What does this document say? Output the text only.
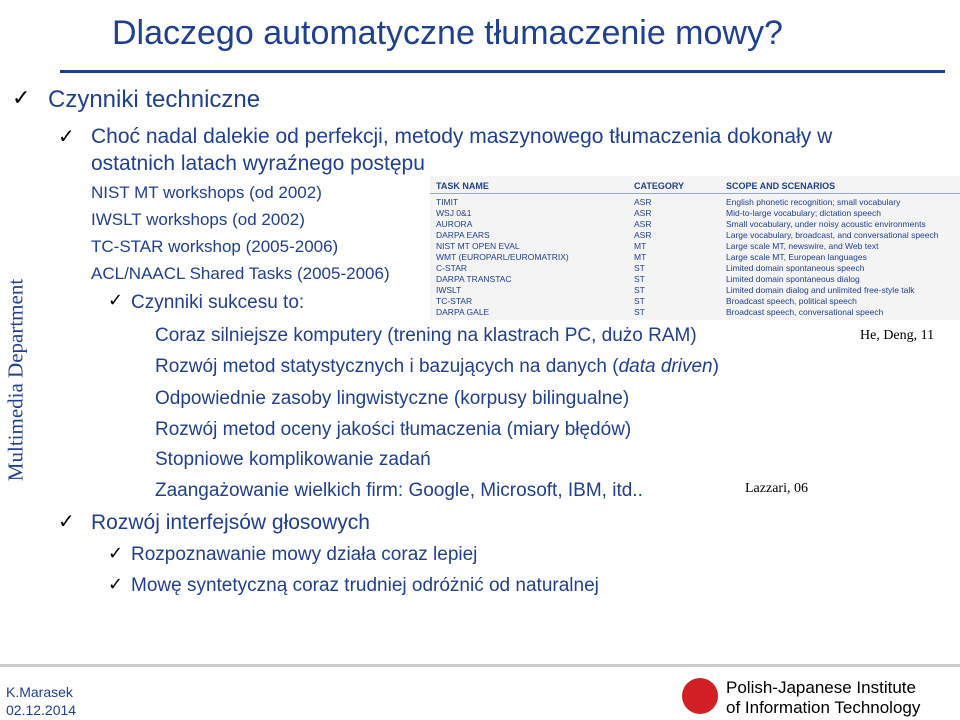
Dlaczego automatyczne tłumaczenie mowy?
Multimedia Department
✓ Czynniki techniczne
✓ Choć nadal dalekie od perfekcji, metody maszynowego tłumaczenia dokonały w
ostatnich latach wyraźnego postępu
NIST MT workshops (od 2002)
IWSLT workshops (od 2002)
TC-STAR workshop (2005-2006)
ACL/NAACL Shared Tasks (2005-2006)
✓ Czynniki sukcesu to:
Coraz silniejsze komputery (trening na klastrach PC, dużo RAM)
Rozwój metod statystycznych i bazujących na danych (data driven)
Odpowiednie zasoby lingwistyczne (korpusy bilingualne)
Rozwój metod oceny jakości tłumaczenia (miary błędów)
Stopniowe komplikowanie zadań
Zaangażowanie wielkich firm: Google, Microsoft, IBM, itd..
He, Deng, 11
Lazzari, 06
✓ Rozwój interfejsów głosowych
✓ Rozpoznawanie mowy działa coraz lepiej
✓ Mowę syntetyczną coraz trudniej odróżnić od naturalnej
TASK NAME	CATEGORY	SCOPE AND SCENARIOS
TIMIT	ASR	English phonetic recognition; small vocabulary
WSJ 0&1	ASR	Mid-to-large vocabulary; dictation speech
AURORA	ASR	Small vocabulary, under noisy acoustic environments
DARPA EARS	ASR	Large vocabulary, broadcast, and conversational speech
NIST MT OPEN EVAL	MT	Large scale MT, newswire, and Web text
WMT (EUROPARL/EUROMATRIX)	MT	Large scale MT, European languages
C-STAR	ST	Limited domain spontaneous speech
DARPA TRANSTAC	ST	Limited domain spontaneous dialog
IWSLT	ST	Limited domain dialog and unlimited free-style talk
TC-STAR	ST	Broadcast speech, political speech
DARPA GALE	ST	Broadcast speech, conversational speech
K.Marasek
02.12.2014
Polish-Japanese Institute
of Information Technology
